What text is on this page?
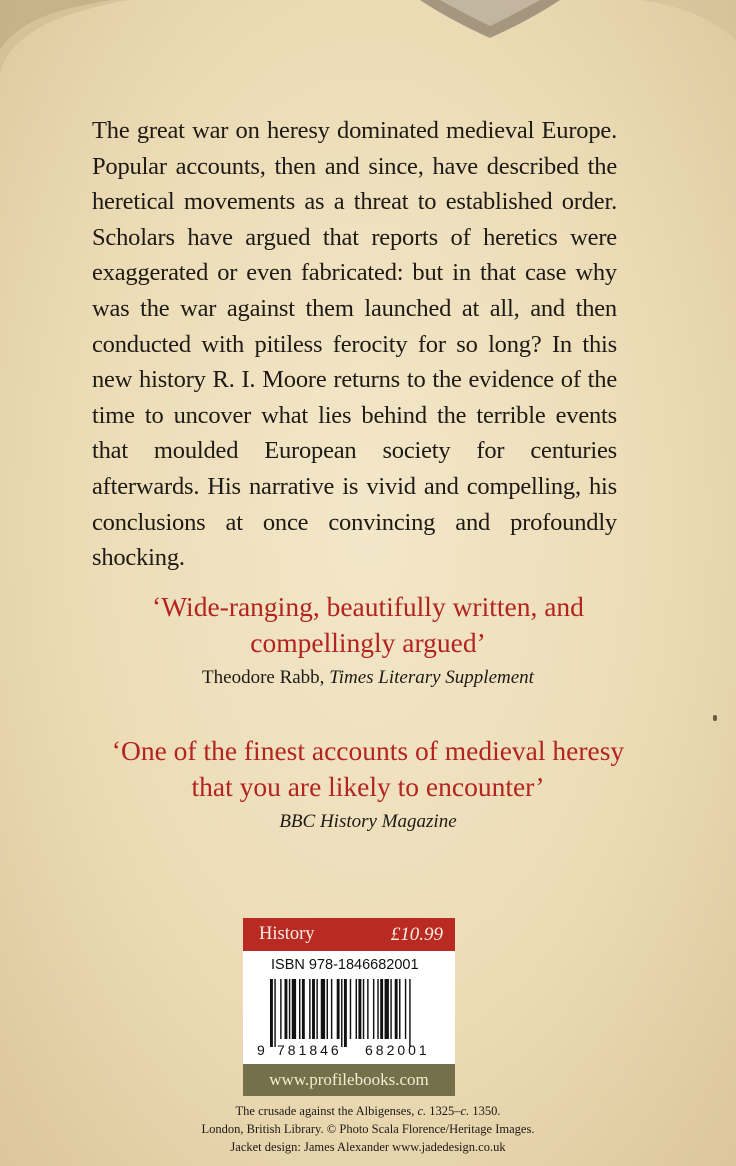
The great war on heresy dominated medieval Europe. Popular accounts, then and since, have described the heretical movements as a threat to established order. Scholars have argued that reports of heretics were exaggerated or even fabricated: but in that case why was the war against them launched at all, and then conducted with pitiless ferocity for so long? In this new history R. I. Moore returns to the evidence of the time to uncover what lies behind the terrible events that moulded European society for centuries afterwards. His narrative is vivid and compelling, his conclusions at once convincing and profoundly shocking.
‘Wide-ranging, beautifully written, and
compellingly argued’
Theodore Rabb, Times Literary Supplement
‘One of the finest accounts of medieval heresy
that you are likely to encounter’
BBC History Magazine
History	£10.99
ISBN 978-1846682001
9 781846 682001
www.profilebooks.com
The crusade against the Albigenses, c. 1325–c. 1350.
London, British Library. © Photo Scala Florence/Heritage Images.
Jacket design: James Alexander www.jadedesign.co.uk
